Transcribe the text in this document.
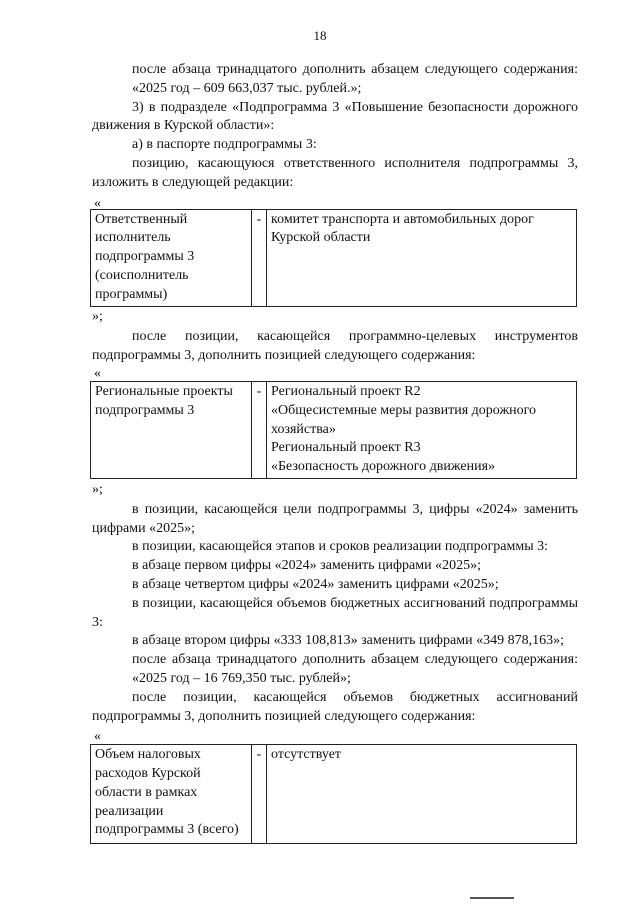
18

после абзаца тринадцатого дополнить абзацем следующего содержания:

«2025 год – 609 663,037 тыс. рублей.»;

3) в подразделе «Подпрограмма 3 «Повышение безопасности дорожного движения в Курской области»:

а) в паспорте подпрограммы 3:

позицию, касающуюся ответственного исполнителя подпрограммы 3, изложить в следующей редакции:

«

Ответственный исполнитель подпрограммы 3 (соисполнитель программы)	-	комитет транспорта и автомобильных дорог Курской области

»;

после позиции, касающейся программно-целевых инструментов подпрограммы 3, дополнить позицией следующего содержания:

«

Региональные проекты подпрограммы 3	-	Региональный проект R2
«Общесистемные меры развития дорожного хозяйства»
Региональный проект R3
«Безопасность дорожного движения»

»;

в позиции, касающейся цели подпрограммы 3, цифры «2024» заменить цифрами «2025»;

в позиции, касающейся этапов и сроков реализации подпрограммы 3:

в абзаце первом цифры «2024» заменить цифрами «2025»;

в абзаце четвертом цифры «2024» заменить цифрами «2025»;

в позиции, касающейся объемов бюджетных ассигнований подпрограммы 3:

в абзаце втором цифры «333 108,813» заменить цифрами «349 878,163»;

после абзаца тринадцатого дополнить абзацем следующего содержания:

«2025 год – 16 769,350 тыс. рублей»;

после позиции, касающейся объемов бюджетных ассигнований подпрограммы 3, дополнить позицией следующего содержания:

«

Объем налоговых расходов Курской области в рамках реализации подпрограммы 3 (всего)	-	отсутствует
